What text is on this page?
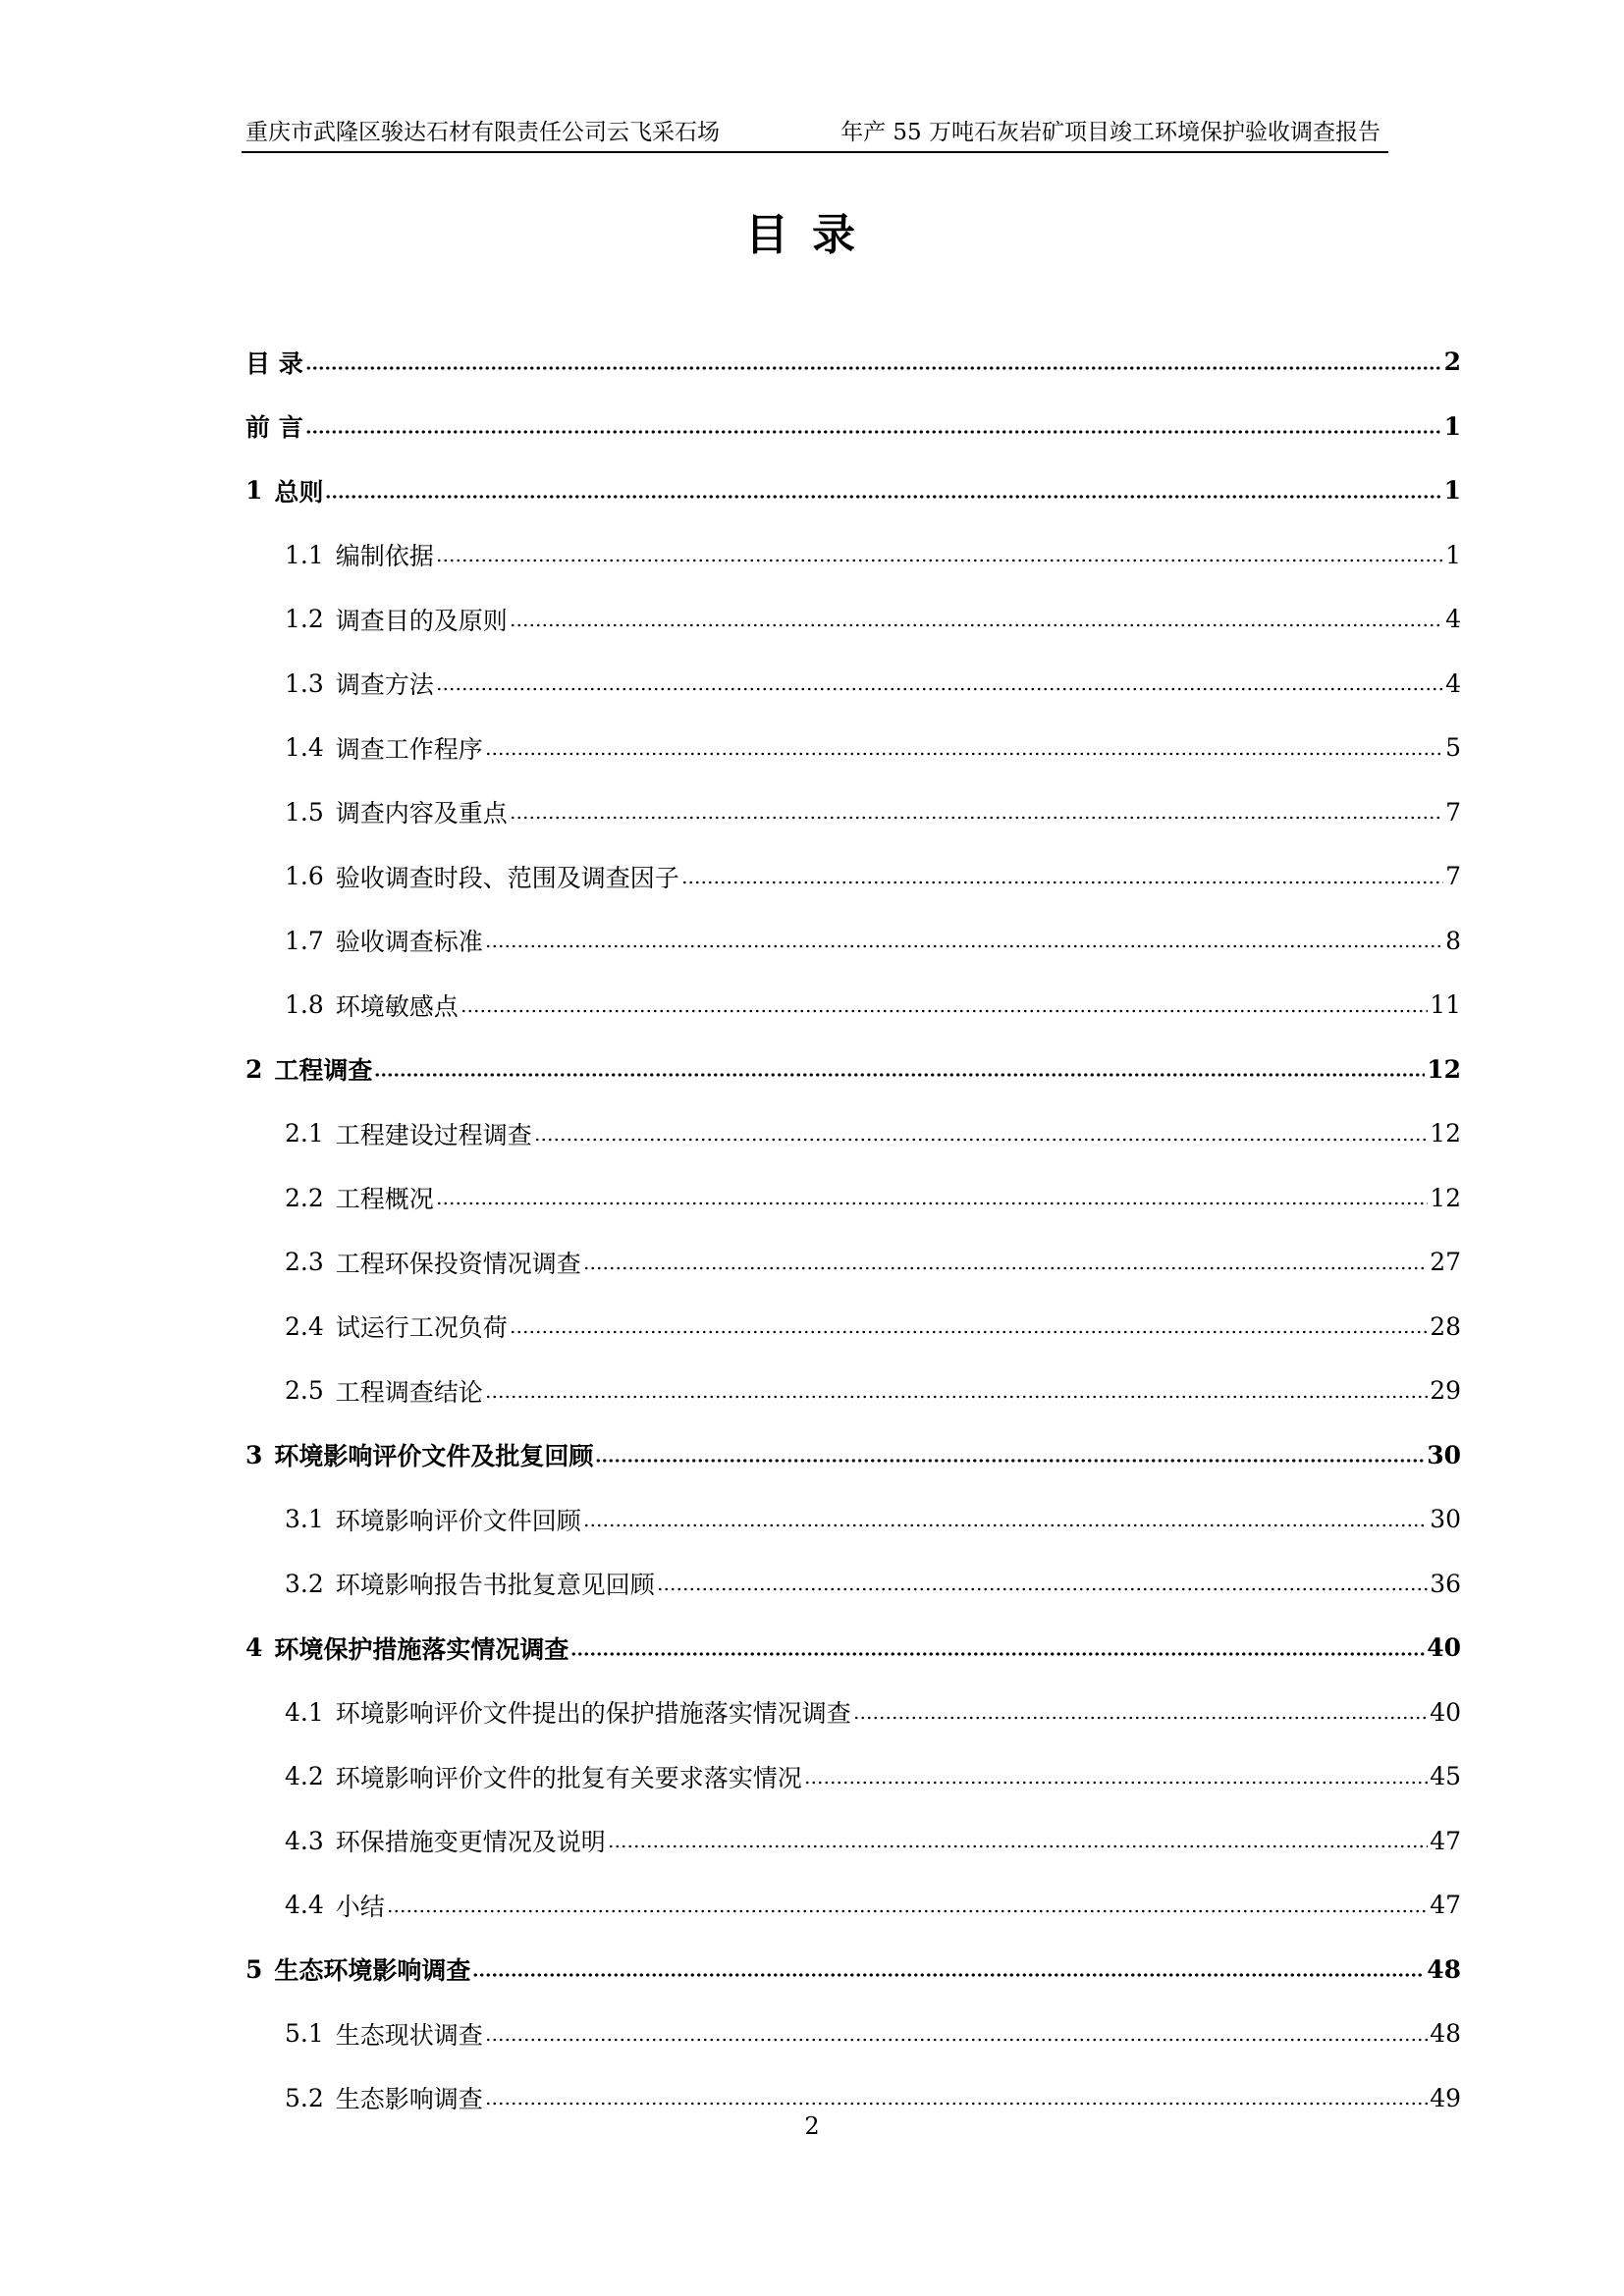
重庆市武隆区骏达石材有限责任公司云飞采石场	年产 55 万吨石灰岩矿项目竣工环境保护验收调查报告
目录
目 录	2
前 言	1
1 总则	1
1.1 编制依据	1
1.2 调查目的及原则	4
1.3 调查方法	4
1.4 调查工作程序	5
1.5 调查内容及重点	7
1.6 验收调查时段、范围及调查因子	7
1.7 验收调查标准	8
1.8 环境敏感点	11
2 工程调查	12
2.1 工程建设过程调查	12
2.2 工程概况	12
2.3 工程环保投资情况调查	27
2.4 试运行工况负荷	28
2.5 工程调查结论	29
3 环境影响评价文件及批复回顾	30
3.1 环境影响评价文件回顾	30
3.2 环境影响报告书批复意见回顾	36
4 环境保护措施落实情况调查	40
4.1 环境影响评价文件提出的保护措施落实情况调查	40
4.2 环境影响评价文件的批复有关要求落实情况	45
4.3 环保措施变更情况及说明	47
4.4 小结	47
5 生态环境影响调查	48
5.1 生态现状调查	48
5.2 生态影响调查	49
2
